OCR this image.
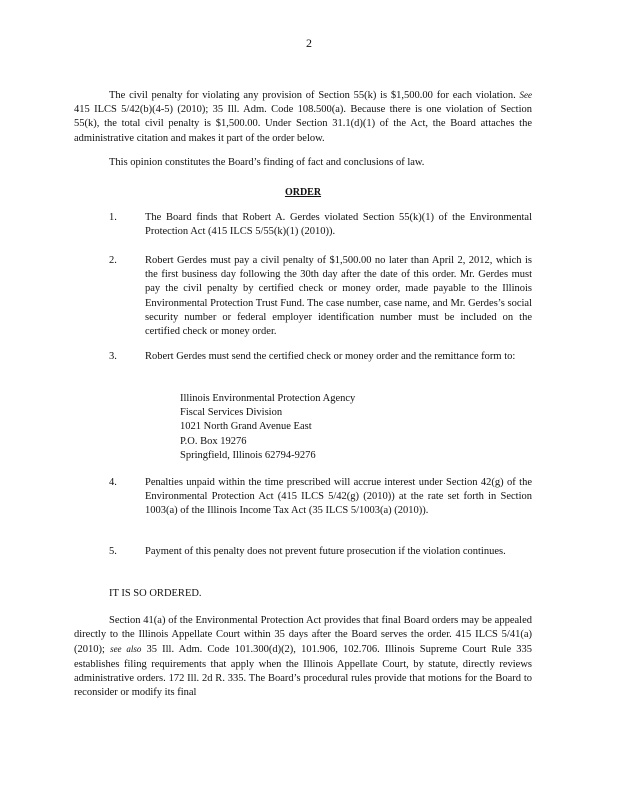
2
The civil penalty for violating any provision of Section 55(k) is $1,500.00 for each violation. See 415 ILCS 5/42(b)(4-5) (2010); 35 Ill. Adm. Code 108.500(a). Because there is one violation of Section 55(k), the total civil penalty is $1,500.00. Under Section 31.1(d)(1) of the Act, the Board attaches the administrative citation and makes it part of the order below.
This opinion constitutes the Board’s finding of fact and conclusions of law.
ORDER
1.	The Board finds that Robert A. Gerdes violated Section 55(k)(1) of the Environmental Protection Act (415 ILCS 5/55(k)(1) (2010)).
2.	Robert Gerdes must pay a civil penalty of $1,500.00 no later than April 2, 2012, which is the first business day following the 30th day after the date of this order. Mr. Gerdes must pay the civil penalty by certified check or money order, made payable to the Illinois Environmental Protection Trust Fund. The case number, case name, and Mr. Gerdes’s social security number or federal employer identification number must be included on the certified check or money order.
3.	Robert Gerdes must send the certified check or money order and the remittance form to:
Illinois Environmental Protection Agency
Fiscal Services Division
1021 North Grand Avenue East
P.O. Box 19276
Springfield, Illinois 62794-9276
4.	Penalties unpaid within the time prescribed will accrue interest under Section 42(g) of the Environmental Protection Act (415 ILCS 5/42(g) (2010)) at the rate set forth in Section 1003(a) of the Illinois Income Tax Act (35 ILCS 5/1003(a) (2010)).
5.	Payment of this penalty does not prevent future prosecution if the violation continues.
IT IS SO ORDERED.
Section 41(a) of the Environmental Protection Act provides that final Board orders may be appealed directly to the Illinois Appellate Court within 35 days after the Board serves the order. 415 ILCS 5/41(a) (2010); see also 35 Ill. Adm. Code 101.300(d)(2), 101.906, 102.706. Illinois Supreme Court Rule 335 establishes filing requirements that apply when the Illinois Appellate Court, by statute, directly reviews administrative orders. 172 Ill. 2d R. 335. The Board’s procedural rules provide that motions for the Board to reconsider or modify its final
